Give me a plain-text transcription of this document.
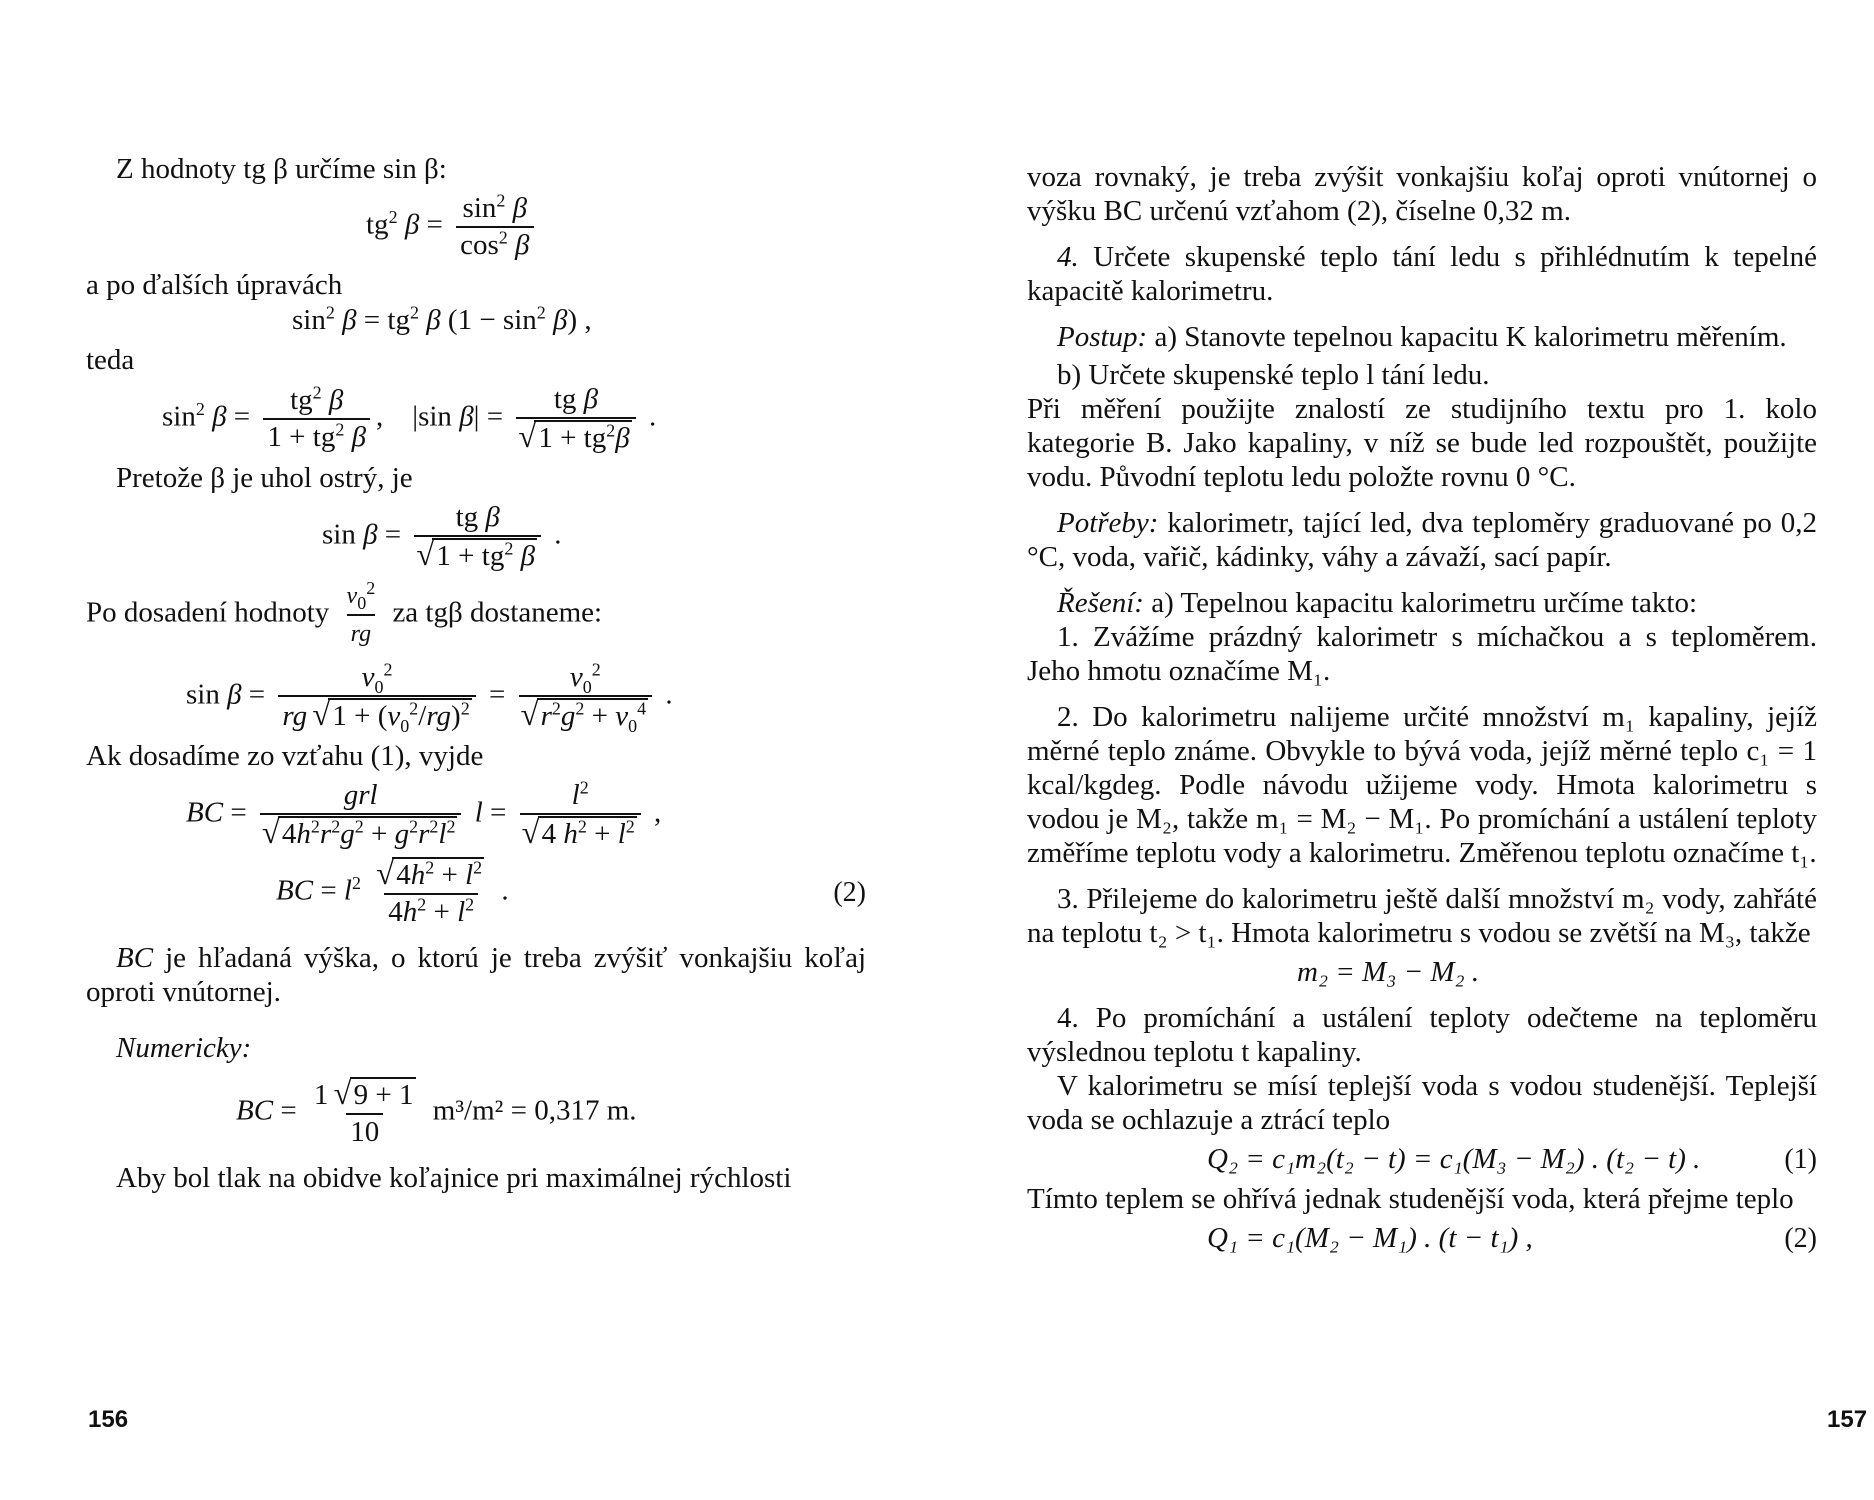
Z hodnoty tg β určíme sin β:

$tg^2$ $\beta = \frac{\sin^2 \beta}{\cos^2 \beta}$

a po ďalších úpravách

$\sin^2 \beta = tg^2$ β $(1 - \sin^2 \beta)$ ,

teda

$\sin^2 \beta = \frac{tg^2 \beta}{1 + tg^2 \beta}$ ,    |sin β| = tg β
√ $1 + tg^2\beta$ .

Pretože β je uhol ostrý, je

sin β = tg β
√ $1 + tg^2$ β .

Po dosadení hodnoty $\frac{v_0^2}{rg}$ za tgβ dostaneme:

$\sin \beta = \frac{v_0^2}{rg √ 1 + (v_0^2/rg)^2} = v_0^2$
√ $r^2g^2 + v_0^4$ .

Ak dosadíme zo vzťahu (1), vyjde

BC = grl
√ $4h^2r^2g^2 + g^2r^2l^2$ $l = l^2$
√ 4 $h^2 + l^2$ ,
BC = $l^2$ √ $\frac{4h^2 + l^2}{4h^2 + l^2}$ .	(2)

BC je hľadaná výška, o ktorú je treba zvýšiť vonkajšiu koľaj oproti vnútornej.

Numericky:

BC = $\frac{1 √ 9 + 1}{10} m^3/m^2 = 0,317$ m.

Aby bol tlak na obidve koľajnice pri maximálnej rýchlosti

156

voza rovnaký, je treba zvýšit vonkajšiu koľaj oproti vnútornej o výšku BC určenú vzťahom (2), číselne 0,32 m.

4. Určete skupenské teplo tání ledu s přihlédnutím k tepelné kapacitě kalorimetru.

Postup: a) Stanovte tepelnou kapacitu K kalorimetru měřením.

b) Určete skupenské teplo l tání ledu.

Při měření použijte znalostí ze studijního textu pro 1. kolo kategorie B. Jako kapaliny, v níž se bude led rozpouštět, použijte vodu. Původní teplotu ledu položte rovnu 0 °C.

Potřeby: kalorimetr, tající led, dva teploměry graduované po 0,2 °C, voda, vařič, kádinky, váhy a závaží, sací papír.

Řešení: a) Tepelnou kapacitu kalorimetru určíme takto:

1. Zvážíme prázdný kalorimetr s míchačkou a s teploměrem. Jeho hmotu označíme M₁.

2. Do kalorimetru nalijeme určité množství m₁ kapaliny, jejíž měrné teplo známe. Obvykle to bývá voda, jejíž měrné teplo c₁ = 1 kcal/kgdeg. Podle návodu užijeme vody. Hmota kalorimetru s vodou je M₂, takže m₁ = M₂ − M₁. Po promíchání a ustálení teploty změříme teplotu vody a kalorimetru. Změřenou teplotu označíme t₁.

3. Přilejeme do kalorimetru ještě další množství m₂ vody, zahřáté na teplotu t₂ > t₁. Hmota kalorimetru s vodou se zvětší na M₃, takže

m₂ = M₃ − M₂ .

4. Po promíchání a ustálení teploty odečteme na teploměru výslednou teplotu t kapaliny.

V kalorimetru se mísí teplejší voda s vodou studenější. Teplejší voda se ochlazuje a ztrácí teplo

Q₂ = c₁m₂(t₂ − t) = c₁(M₃ − M₂) . (t₂ − t) .	(1)

Tímto teplem se ohřívá jednak studenější voda, která přejme teplo

Q₁ = c₁(M₂ − M₁) . (t − t₁) ,	(2)
157
